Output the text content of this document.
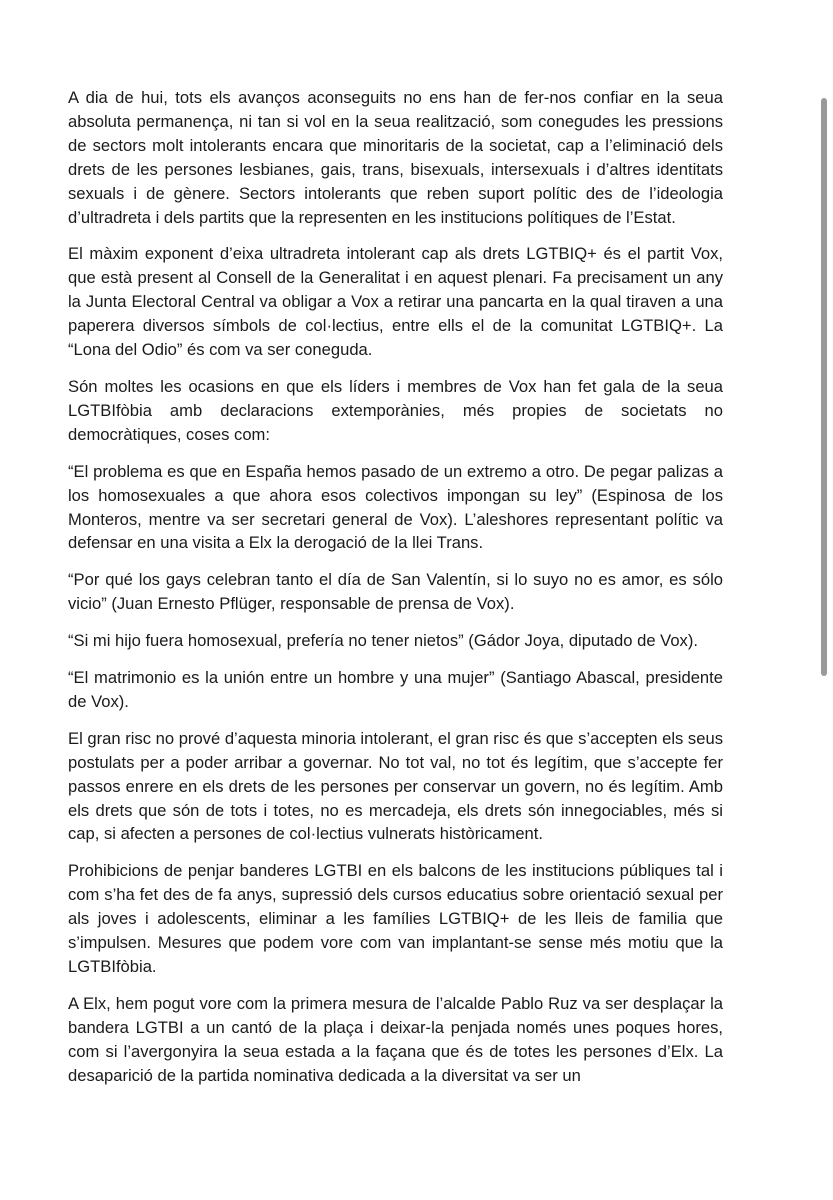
A dia de hui, tots els avanços aconseguits no ens han de fer-nos confiar en la seua absoluta permanença, ni tan si vol en la seua realització, som conegudes les pressions de sectors molt intolerants encara que minoritaris de la societat, cap a l’eliminació dels drets de les persones lesbianes, gais, trans, bisexuals, intersexuals i d’altres identitats sexuals i de gènere. Sectors intolerants que reben suport polític des de l’ideologia d’ultradreta i dels partits que la representen en les institucions polítiques de l’Estat.

El màxim exponent d’eixa ultradreta intolerant cap als drets LGTBIQ+ és el partit Vox, que està present al Consell de la Generalitat i en aquest plenari. Fa precisament un any la Junta Electoral Central va obligar a Vox a retirar una pancarta en la qual tiraven a una paperera diversos símbols de col·lectius, entre ells el de la comunitat LGTBIQ+. La “Lona del Odio” és com va ser coneguda.

Són moltes les ocasions en que els líders i membres de Vox han fet gala de la seua LGTBIfòbia amb declaracions extemporànies, més propies de societats no democràtiques, coses com:

“El problema es que en España hemos pasado de un extremo a otro. De pegar palizas a los homosexuales a que ahora esos colectivos impongan su ley” (Espinosa de los Monteros, mentre va ser secretari general de Vox). L’aleshores representant polític va defensar en una visita a Elx la derogació de la llei Trans.

“Por qué los gays celebran tanto el día de San Valentín, si lo suyo no es amor, es sólo vicio” (Juan Ernesto Pflüger, responsable de prensa de Vox).

“Si mi hijo fuera homosexual, prefería no tener nietos” (Gádor Joya, diputado de Vox).

“El matrimonio es la unión entre un hombre y una mujer” (Santiago Abascal, presidente de Vox).

El gran risc no prové d’aquesta minoria intolerant, el gran risc és que s’accepten els seus postulats per a poder arribar a governar. No tot val, no tot és legítim, que s’accepte fer passos enrere en els drets de les persones per conservar un govern, no és legítim. Amb els drets que són de tots i totes, no es mercadeja, els drets són innegociables, més si cap, si afecten a persones de col·lectius vulnerats històricament.

Prohibicions de penjar banderes LGTBI en els balcons de les institucions públiques tal i com s’ha fet des de fa anys, supressió dels cursos educatius sobre orientació sexual per als joves i adolescents, eliminar a les famílies LGTBIQ+ de les lleis de familia que s’impulsen. Mesures que podem vore com van implantant-se sense més motiu que la LGTBIfòbia.

A Elx, hem pogut vore com la primera mesura de l’alcalde Pablo Ruz va ser desplaçar la bandera LGTBI a un cantó de la plaça i deixar-la penjada només unes poques hores, com si l’avergonyira la seua estada a la façana que és de totes les persones d’Elx. La desaparició de la partida nominativa dedicada a la diversitat va ser un
